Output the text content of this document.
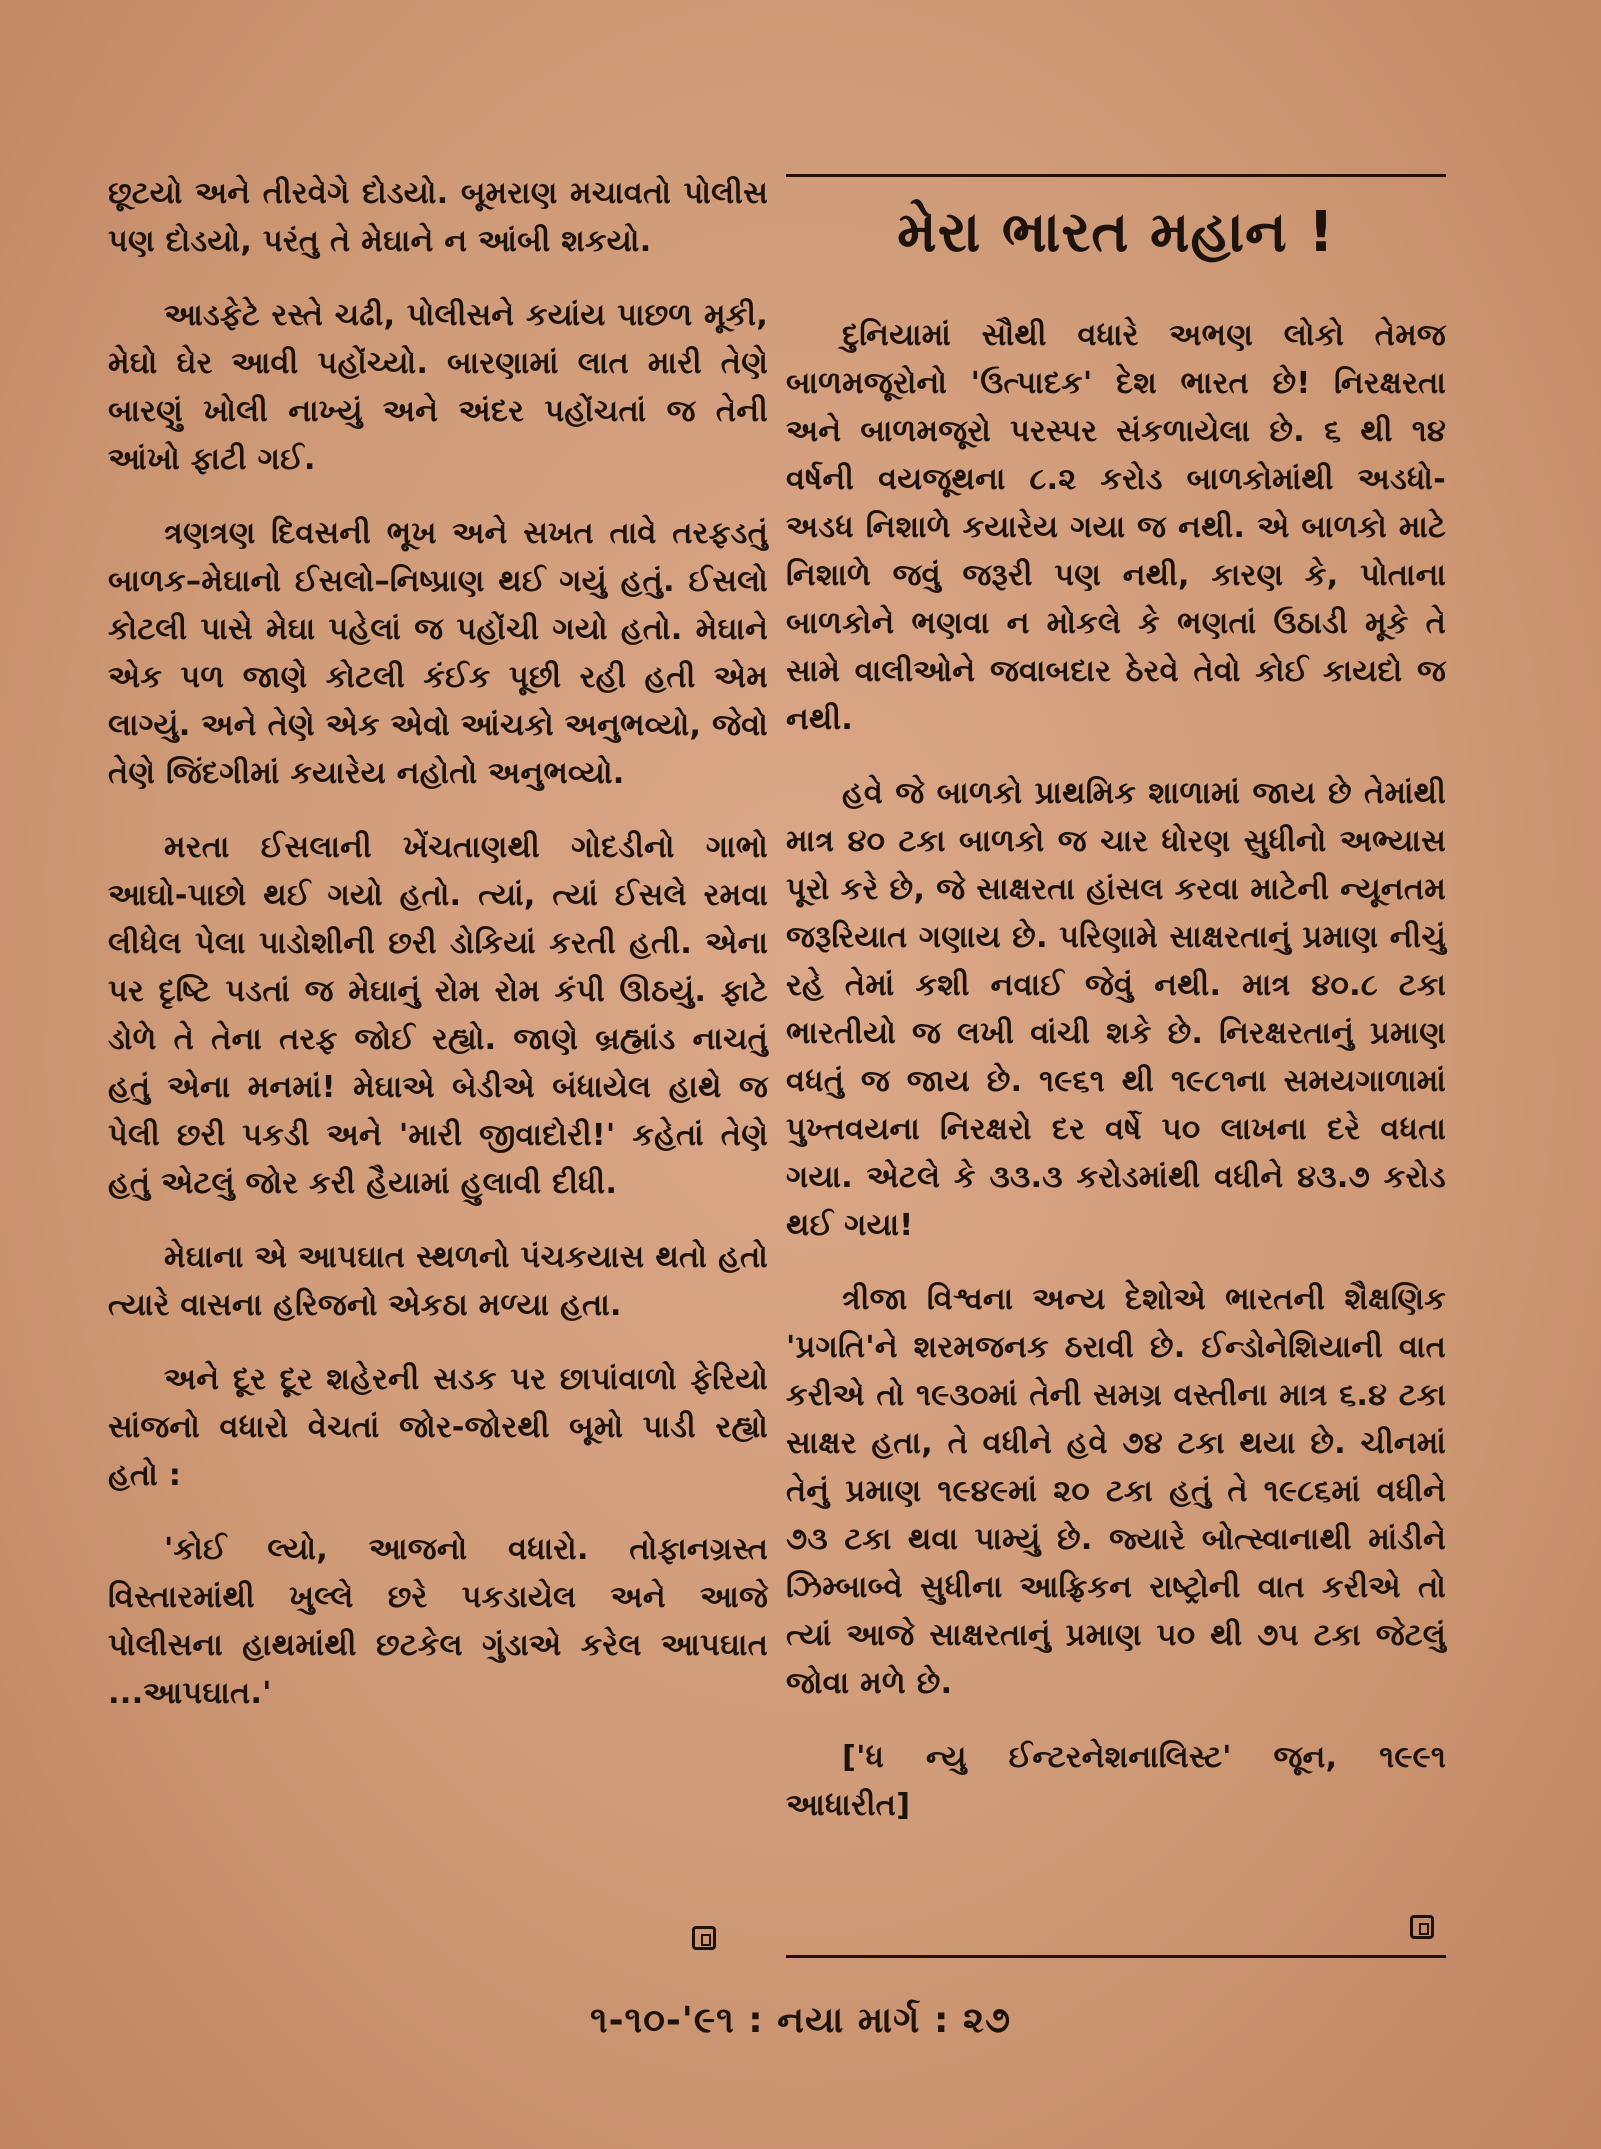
છૂટયો અને તીરવેગે દોડયો. બૂમરાણ મચાવતો પોલીસ પણ દોડયો, પરંતુ તે મેઘાને ન આંબી શકયો.

આડફેટે રસ્તે ચઢી, પોલીસને કયાંય પાછળ મૂકી, મેઘો ઘેર આવી પહોંચ્યો. બારણામાં લાત મારી તેણે બારણું ખોલી નાખ્યું અને અંદર પહોંચતાં જ તેની આંખો ફાટી ગઈ.

ત્રણત્રણ દિવસની ભૂખ અને સખત તાવે તરફડતું બાળક–મેઘાનો ઈસલો–નિષ્પ્રાણ થઈ ગયું હતું. ઈસલો કોટલી પાસે મેઘા પહેલાં જ પહોંચી ગયો હતો. મેઘાને એક પળ જાણે કોટલી કંઈક પૂછી રહી હતી એમ લાગ્યું. અને તેણે એક એવો આંચકો અનુભવ્યો, જેવો તેણે જિંદગીમાં કયારેય નહોતો અનુભવ્યો.

મરતા ઈસલાની ખેંચતાણથી ગોદડીનો ગાભો આઘો-પાછો થઈ ગયો હતો. ત્યાં, ત્યાં ઈસલે રમવા લીધેલ પેલા પાડોશીની છરી ડોકિયાં કરતી હતી. એના પર દૃષ્ટિ પડતાં જ મેઘાનું રોમ રોમ કંપી ઊઠયું. ફાટે ડોળે તે તેના તરફ જોઈ રહ્યો. જાણે બ્રહ્માંડ નાચતું હતું એના મનમાં! મેઘાએ બેડીએ બંધાયેલ હાથે જ પેલી છરી પકડી અને 'મારી જીવાદોરી!' કહેતાં તેણે હતું એટલું જોર કરી હૈયામાં હુલાવી દીધી.

મેઘાના એ આપઘાત સ્થળનો પંચકયાસ થતો હતો ત્યારે વાસના હરિજનો એકઠા મળ્યા હતા.

અને દૂર દૂર શહેરની સડક પર છાપાંવાળો ફેરિયો સાંજનો વધારો વેચતાં જોર-જોરથી બૂમો પાડી રહ્યો હતો :

'કોઈ લ્યો, આજનો વધારો. તોફાનગ્રસ્ત વિસ્તારમાંથી ખુલ્લે છરે પકડાયેલ અને આજે પોલીસના હાથમાંથી છટકેલ ગુંડાએ કરેલ આપઘાત ...આપઘાત.'

મેરા ભારત મહાન !

દુનિયામાં સૌથી વધારે અભણ લોકો તેમજ બાળમજૂરોનો 'ઉત્પાદક' દેશ ભારત છે! નિરક્ષરતા અને બાળમજૂરો પરસ્પર સંકળાયેલા છે. ૬ થી ૧૪ વર્ષની વયજૂથના ૮.૨ કરોડ બાળકોમાંથી અડધો-અડધ નિશાળે કયારેય ગયા જ નથી. એ બાળકો માટે નિશાળે જવું જરૂરી પણ નથી, કારણ કે, પોતાના બાળકોને ભણવા ન મોકલે કે ભણતાં ઉઠાડી મૂકે તે સામે વાલીઓને જવાબદાર ઠેરવે તેવો કોઈ કાયદો જ નથી.

હવે જે બાળકો પ્રાથમિક શાળામાં જાય છે તેમાંથી માત્ર ૪૦ ટકા બાળકો જ ચાર ધોરણ સુધીનો અભ્યાસ પૂરો કરે છે, જે સાક્ષરતા હાંસલ કરવા માટેની ન્યૂનતમ જરૂરિયાત ગણાય છે. પરિણામે સાક્ષરતાનું પ્રમાણ નીચું રહે તેમાં કશી નવાઈ જેવું નથી. માત્ર ૪૦.૮ ટકા ભારતીયો જ લખી વાંચી શકે છે. નિરક્ષરતાનું પ્રમાણ વધતું જ જાય છે. ૧૯૬૧ થી ૧૯૮૧ના સમયગાળામાં પુખ્તવયના નિરક્ષરો દર વર્ષે ૫૦ લાખના દરે વધતા ગયા. એટલે કે ૩૩.૩ કરોડમાંથી વધીને ૪૩.૭ કરોડ થઈ ગયા!

ત્રીજા વિશ્વના અન્ય દેશોએ ભારતની શૈક્ષણિક 'પ્રગતિ'ને શરમજનક ઠરાવી છે. ઈન્ડોનેશિયાની વાત કરીએ તો ૧૯૩૦માં તેની સમગ્ર વસ્તીના માત્ર ૬.૪ ટકા સાક્ષર હતા, તે વધીને હવે ૭૪ ટકા થયા છે. ચીનમાં તેનું પ્રમાણ ૧૯૪૯માં ૨૦ ટકા હતું તે ૧૯૮૬માં વધીને ૭૩ ટકા થવા પામ્યું છે. જ્યારે બોત્સ્વાનાથી માંડીને ઝિમ્બાબ્વે સુધીના આફ્રિકન રાષ્ટ્રોની વાત કરીએ તો ત્યાં આજે સાક્ષરતાનું પ્રમાણ ૫૦ થી ૭૫ ટકા જેટલું જોવા મળે છે.

['ધ ન્યુ ઈન્ટરનેશનાલિસ્ટ' જૂન, ૧૯૯૧ આધારીત]

૧-૧૦-'૯૧ : નયા માર્ગ : ૨૭
